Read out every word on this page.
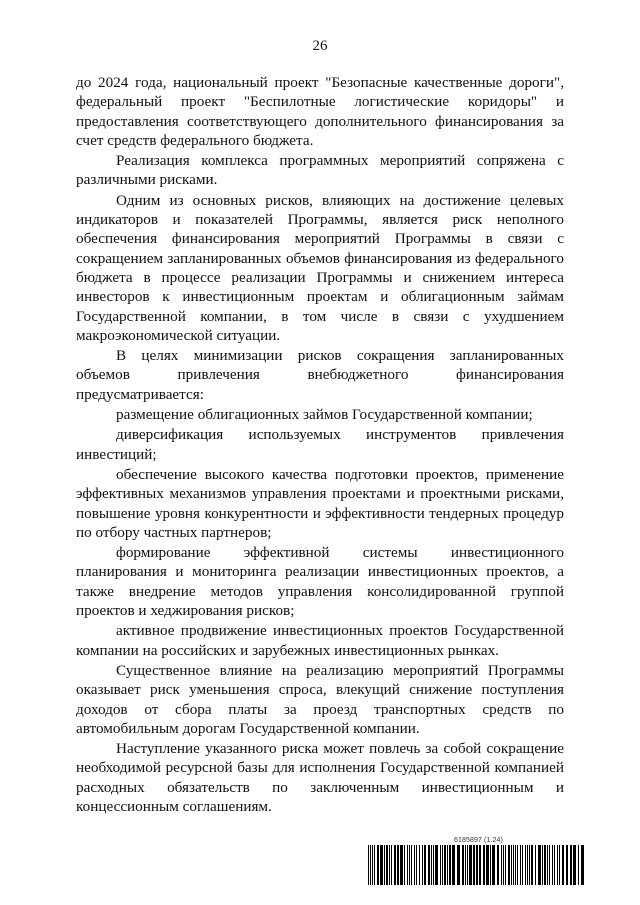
26

до 2024 года, национальный проект "Безопасные качественные дороги", федеральный проект "Беспилотные логистические коридоры" и предоставления соответствующего дополнительного финансирования за счет средств федерального бюджета.

Реализация комплекса программных мероприятий сопряжена с различными рисками.

Одним из основных рисков, влияющих на достижение целевых индикаторов и показателей Программы, является риск неполного обеспечения финансирования мероприятий Программы в связи с сокращением запланированных объемов финансирования из федерального бюджета в процессе реализации Программы и снижением интереса инвесторов к инвестиционным проектам и облигационным займам Государственной компании, в том числе в связи с ухудшением макроэкономической ситуации.

В целях минимизации рисков сокращения запланированных объемов привлечения внебюджетного финансирования предусматривается:

размещение облигационных займов Государственной компании;

диверсификация используемых инструментов привлечения инвестиций;

обеспечение высокого качества подготовки проектов, применение эффективных механизмов управления проектами и проектными рисками, повышение уровня конкурентности и эффективности тендерных процедур по отбору частных партнеров;

формирование эффективной системы инвестиционного планирования и мониторинга реализации инвестиционных проектов, а также внедрение методов управления консолидированной группой проектов и хеджирования рисков;

активное продвижение инвестиционных проектов Государственной компании на российских и зарубежных инвестиционных рынках.

Существенное влияние на реализацию мероприятий Программы оказывает риск уменьшения спроса, влекущий снижение поступления доходов от сбора платы за проезд транспортных средств по автомобильным дорогам Государственной компании.

Наступление указанного риска может повлечь за собой сокращение необходимой ресурсной базы для исполнения Государственной компанией расходных обязательств по заключенным инвестиционным и концессионным соглашениям.

6185897 (1.24)
